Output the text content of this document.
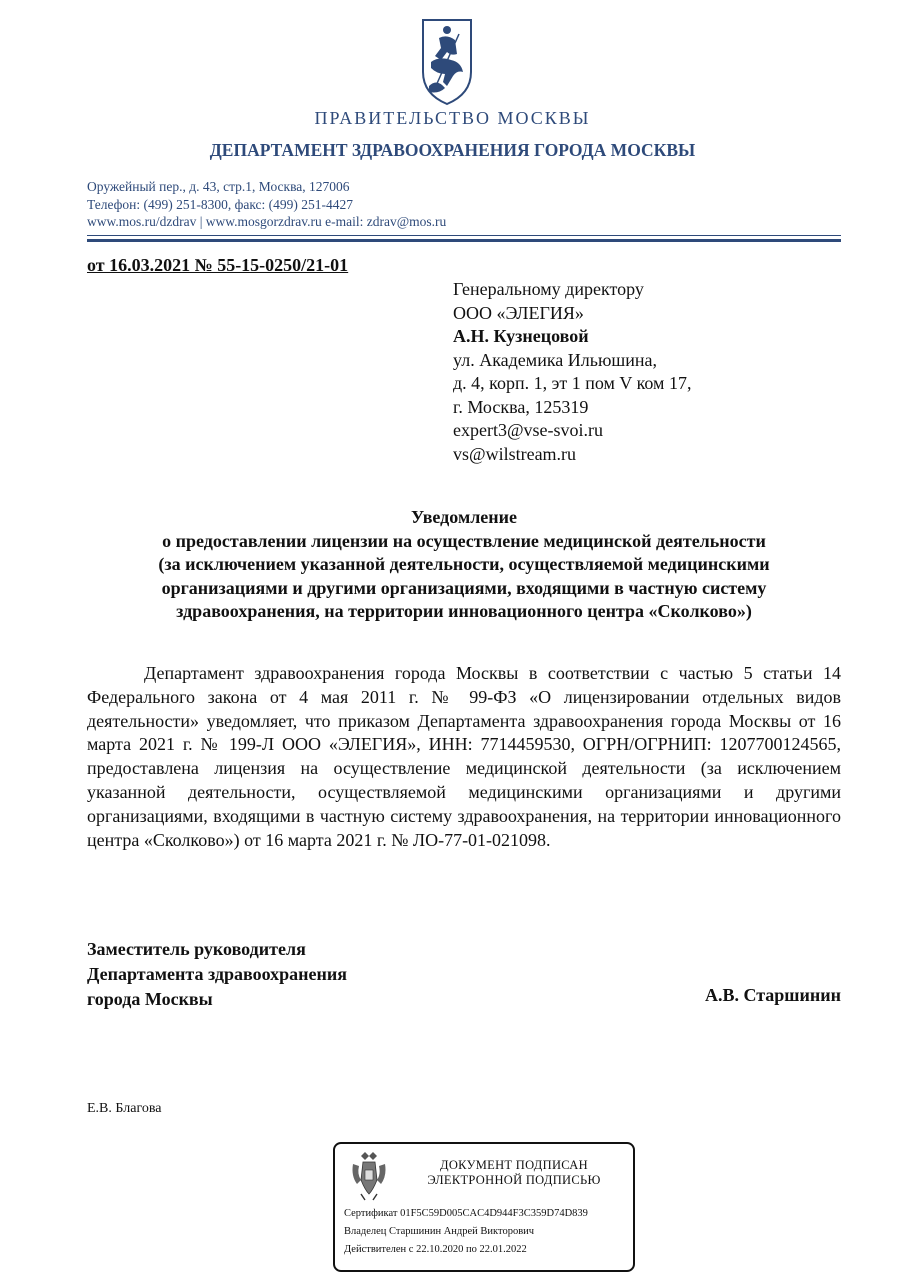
ПРАВИТЕЛЬСТВО МОСКВЫ
ДЕПАРТАМЕНТ ЗДРАВООХРАНЕНИЯ ГОРОДА МОСКВЫ
Оружейный пер., д. 43, стр.1, Москва, 127006
Телефон: (499) 251-8300, факс: (499) 251-4427
www.mos.ru/dzdrav | www.mosgorzdrav.ru e-mail: zdrav@mos.ru
от 16.03.2021 № 55-15-0250/21-01
Генеральному директору
ООО «ЭЛЕГИЯ»
А.Н. Кузнецовой
ул. Академика Ильюшина,
д. 4, корп. 1, эт 1 пом V ком 17,
г. Москва, 125319
expert3@vse-svoi.ru
vs@wilstream.ru
Уведомление
о предоставлении лицензии на осуществление медицинской деятельности
(за исключением указанной деятельности, осуществляемой медицинскими
организациями и другими организациями, входящими в частную систему
здравоохранения, на территории инновационного центра «Сколково»)
Департамент здравоохранения города Москвы в соответствии с частью 5 статьи 14 Федерального закона от 4 мая 2011 г. № 99-ФЗ «О лицензировании отдельных видов деятельности» уведомляет, что приказом Департамента здравоохранения города Москвы от 16 марта 2021 г. № 199-Л ООО «ЭЛЕГИЯ», ИНН: 7714459530, ОГРН/ОГРНИП: 1207700124565, предоставлена лицензия на осуществление медицинской деятельности (за исключением указанной деятельности, осуществляемой медицинскими организациями и другими организациями, входящими в частную систему здравоохранения, на территории инновационного центра «Сколково») от 16 марта 2021 г. № ЛО-77-01-021098.
Заместитель руководителя
Департамента здравоохранения
города Москвы	А.В. Старшинин
Е.В. Благова
ДОКУМЕНТ ПОДПИСАН
ЭЛЕКТРОННОЙ ПОДПИСЬЮ
Сертификат 01F5C59D005CAC4D944F3C359D74D839
Владелец Старшинин Андрей Викторович
Действителен с 22.10.2020 по 22.01.2022
